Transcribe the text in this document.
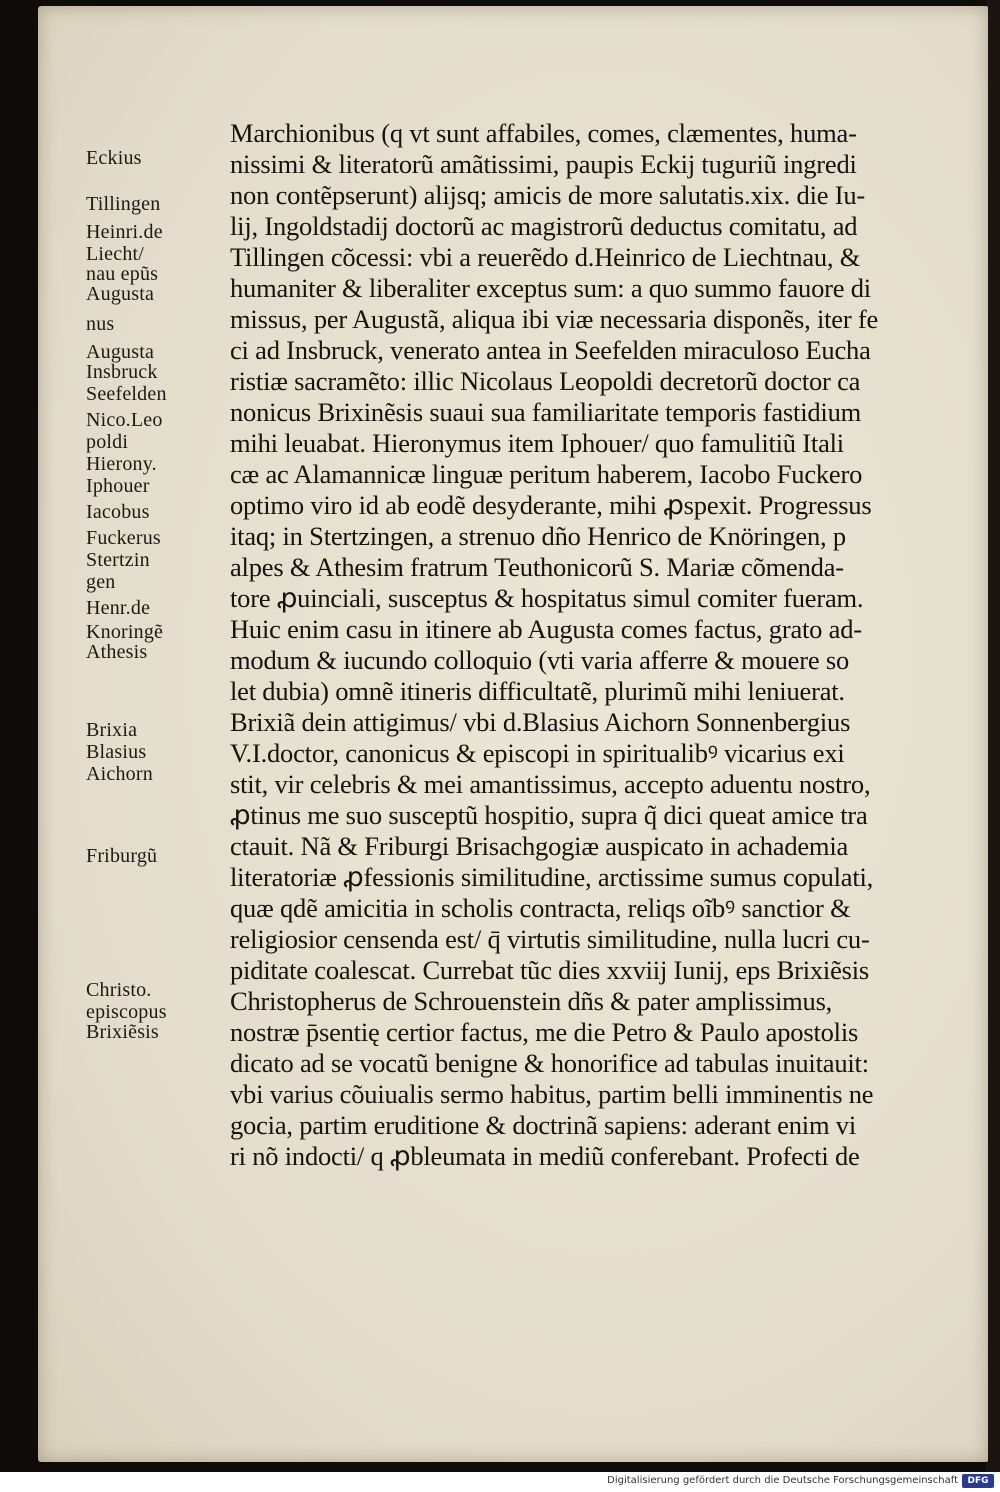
Eckius
Tillingen
Heinri.de
Liecht/
nau epũs
Augusta
nus
Augusta
Insbruck
Seefelden
Nico.Leo
poldi
Hierony.
Iphouer
Iacobus
Fuckerus
Stertzin
gen
Henr.de
Knoringẽ
Athesis
Brixia
Blasius
Aichorn
Friburgũ
Christo.
episcopus
Brixiẽsis
Marchionibus (q vt sunt affabiles, comes, clæmentes, huma-
nissimi & literatorũ amãtissimi, paupis Eckij tuguriũ ingredi
non contẽpserunt) alijsq; amicis de more salutatis.xix. die Iu-
lij, Ingoldstadij doctorũ ac magistrorũ deductus comitatu, ad
Tillingen cõcessi: vbi a reuerẽdo d.Heinrico de Liechtnau, &
humaniter & liberaliter exceptus sum: a quo summo fauore di
missus, per Augustã, aliqua ibi viæ necessaria disponẽs, iter fe
ci ad Insbruck, venerato antea in Seefelden miraculoso Eucha
ristiæ sacramẽto: illic Nicolaus Leopoldi decretorũ doctor ca
nonicus Brixinẽsis suaui sua familiaritate temporis fastidium
mihi leuabat. Hieronymus item Iphouer/ quo famulitiũ Itali
cæ ac Alamannicæ linguæ peritum haberem, Iacobo Fuckero
optimo viro id ab eodẽ desyderante, mihi ꝓspexit. Progressus
itaq; in Stertzingen, a strenuo dño Henrico de Knöringen, p
alpes & Athesim fratrum Teuthonicorũ S. Mariæ cõmenda-
tore ꝓuinciali, susceptus & hospitatus simul comiter fueram.
Huic enim casu in itinere ab Augusta comes factus, grato ad-
modum & iucundo colloquio (vti varia afferre & mouere so
let dubia) omnẽ itineris difficultatẽ, plurimũ mihi leniuerat.
Brixiã dein attigimus/ vbi d.Blasius Aichorn Sonnenbergius
V.I.doctor, canonicus & episcopi in spiritualibꝰ vicarius exi
stit, vir celebris & mei amantissimus, accepto aduentu nostro,
ꝓtinus me suo susceptũ hospitio, supra q̃ dici queat amice tra
ctauit. Nã & Friburgi Brisachgogiæ auspicato in achademia
literatoriæ ꝓfessionis similitudine, arctissime sumus copulati,
quæ qdẽ amicitia in scholis contracta, reliqs oĩbꝰ sanctior &
religiosior censenda est/ q̄ virtutis similitudine, nulla lucri cu-
piditate coalescat. Currebat tũc dies xxviij Iunij, eps Brixiẽsis
Christopherus de Schrouenstein dñs & pater amplissimus,
nostræ p̄sentię certior factus, me die Petro & Paulo apostolis
dicato ad se vocatũ benigne & honorifice ad tabulas inuitauit:
vbi varius cõuiualis sermo habitus, partim belli imminentis ne
gocia, partim eruditione & doctrinã sapiens: aderant enim vi
ri nõ indocti/ q ꝓbleumata in mediũ conferebant. Profecti de
Digitalisierung gefördert durch die Deutsche Forschungsgemeinschaft	DFG
